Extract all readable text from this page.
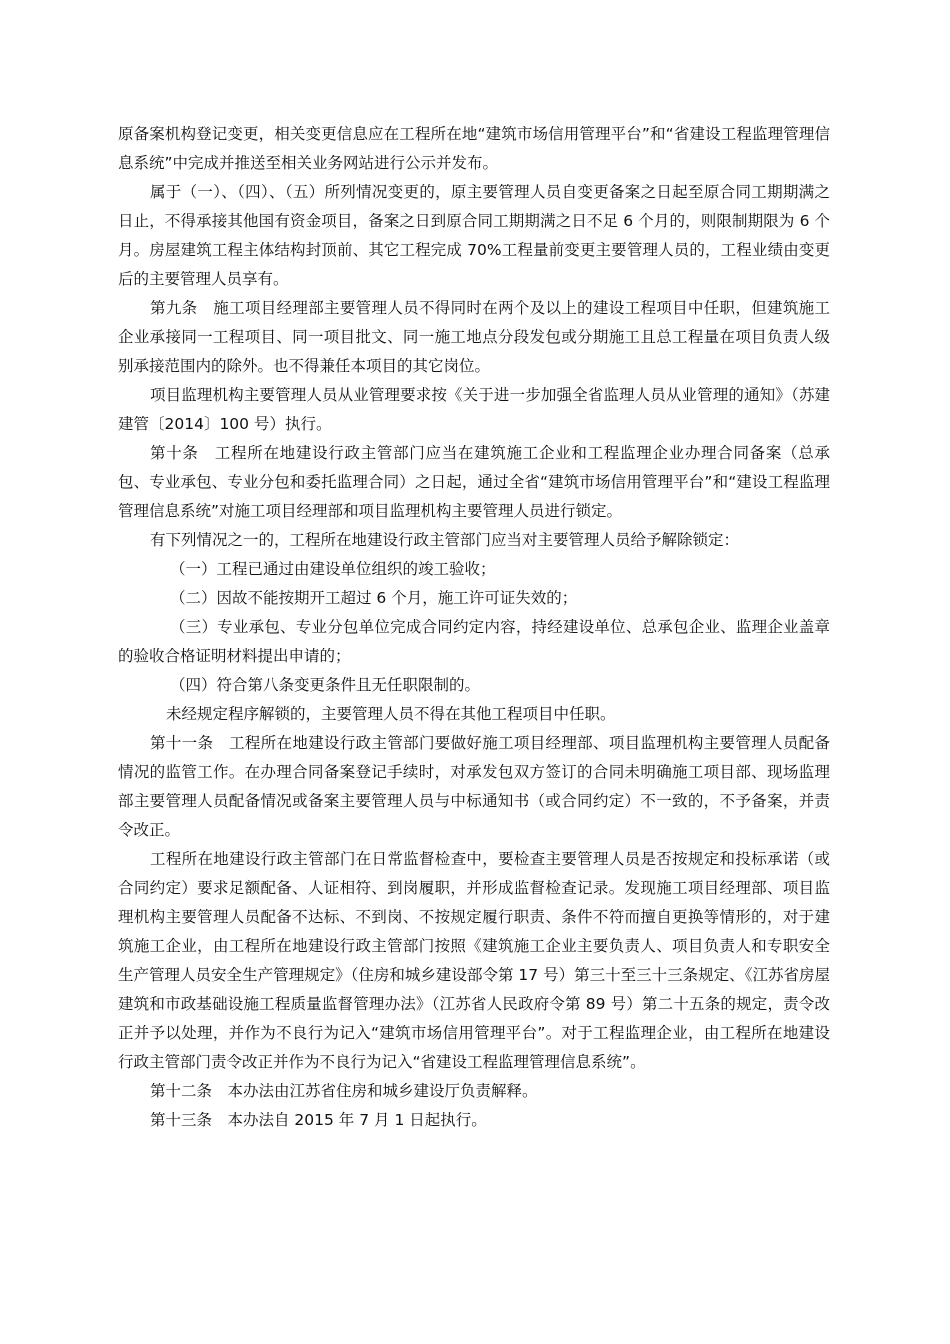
原备案机构登记变更，相关变更信息应在工程所在地“建筑市场信用管理平台”和“省建设工程监理管理信息系统”中完成并推送至相关业务网站进行公示并发布。

属于（一）、（四）、（五）所列情况变更的，原主要管理人员自变更备案之日起至原合同工期期满之日止，不得承接其他国有资金项目，备案之日到原合同工期期满之日不足 6 个月的，则限制期限为 6 个月。房屋建筑工程主体结构封顶前、其它工程完成 70%工程量前变更主要管理人员的，工程业绩由变更后的主要管理人员享有。

第九条　施工项目经理部主要管理人员不得同时在两个及以上的建设工程项目中任职，但建筑施工企业承接同一工程项目、同一项目批文、同一施工地点分段发包或分期施工且总工程量在项目负责人级别承接范围内的除外。也不得兼任本项目的其它岗位。

项目监理机构主要管理人员从业管理要求按《关于进一步加强全省监理人员从业管理的通知》（苏建建管〔2014〕100 号）执行。

第十条　工程所在地建设行政主管部门应当在建筑施工企业和工程监理企业办理合同备案（总承包、专业承包、专业分包和委托监理合同）之日起，通过全省“建筑市场信用管理平台”和“建设工程监理管理信息系统”对施工项目经理部和项目监理机构主要管理人员进行锁定。

有下列情况之一的，工程所在地建设行政主管部门应当对主要管理人员给予解除锁定：

（一）工程已通过由建设单位组织的竣工验收；

（二）因故不能按期开工超过 6 个月，施工许可证失效的；

（三）专业承包、专业分包单位完成合同约定内容，持经建设单位、总承包企业、监理企业盖章的验收合格证明材料提出申请的；

（四）符合第八条变更条件且无任职限制的。

未经规定程序解锁的，主要管理人员不得在其他工程项目中任职。

第十一条　工程所在地建设行政主管部门要做好施工项目经理部、项目监理机构主要管理人员配备情况的监管工作。在办理合同备案登记手续时，对承发包双方签订的合同未明确施工项目部、现场监理部主要管理人员配备情况或备案主要管理人员与中标通知书（或合同约定）不一致的，不予备案，并责令改正。

工程所在地建设行政主管部门在日常监督检查中，要检查主要管理人员是否按规定和投标承诺（或合同约定）要求足额配备、人证相符、到岗履职，并形成监督检查记录。发现施工项目经理部、项目监理机构主要管理人员配备不达标、不到岗、不按规定履行职责、条件不符而擅自更换等情形的，对于建筑施工企业，由工程所在地建设行政主管部门按照《建筑施工企业主要负责人、项目负责人和专职安全生产管理人员安全生产管理规定》（住房和城乡建设部令第 17 号）第三十至三十三条规定、《江苏省房屋建筑和市政基础设施工程质量监督管理办法》（江苏省人民政府令第 89 号）第二十五条的规定，责令改正并予以处理，并作为不良行为记入“建筑市场信用管理平台”。对于工程监理企业，由工程所在地建设行政主管部门责令改正并作为不良行为记入“省建设工程监理管理信息系统”。

第十二条　本办法由江苏省住房和城乡建设厅负责解释。

第十三条　本办法自 2015 年 7 月 1 日起执行。
